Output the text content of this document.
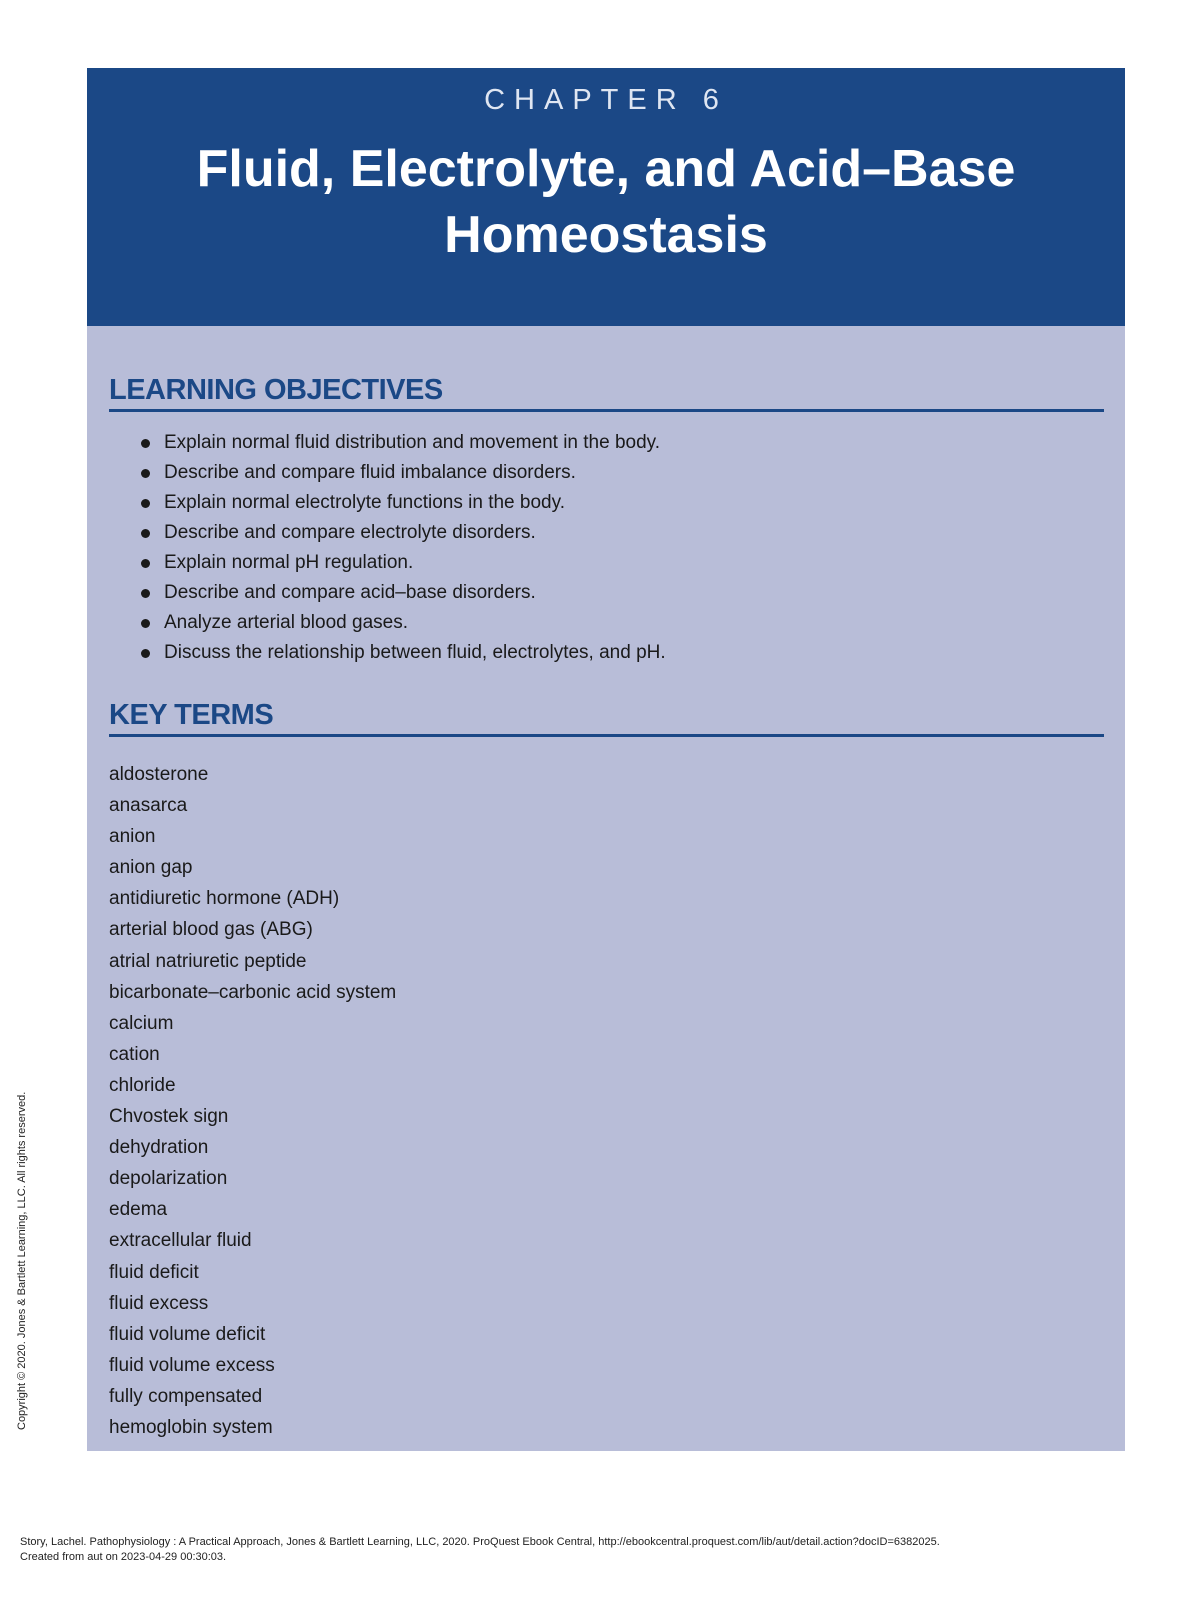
CHAPTER 6

Fluid, Electrolyte, and Acid–Base Homeostasis
LEARNING OBJECTIVES
Explain normal fluid distribution and movement in the body.
Describe and compare fluid imbalance disorders.
Explain normal electrolyte functions in the body.
Describe and compare electrolyte disorders.
Explain normal pH regulation.
Describe and compare acid–base disorders.
Analyze arterial blood gases.
Discuss the relationship between fluid, electrolytes, and pH.
KEY TERMS
aldosterone
anasarca
anion
anion gap
antidiuretic hormone (ADH)
arterial blood gas (ABG)
atrial natriuretic peptide
bicarbonate–carbonic acid system
calcium
cation
chloride
Chvostek sign
dehydration
depolarization
edema
extracellular fluid
fluid deficit
fluid excess
fluid volume deficit
fluid volume excess
fully compensated
hemoglobin system
Copyright © 2020. Jones & Bartlett Learning, LLC. All rights reserved.
Story, Lachel. Pathophysiology : A Practical Approach, Jones & Bartlett Learning, LLC, 2020. ProQuest Ebook Central, http://ebookcentral.proquest.com/lib/aut/detail.action?docID=6382025.
Created from aut on 2023-04-29 00:30:03.
